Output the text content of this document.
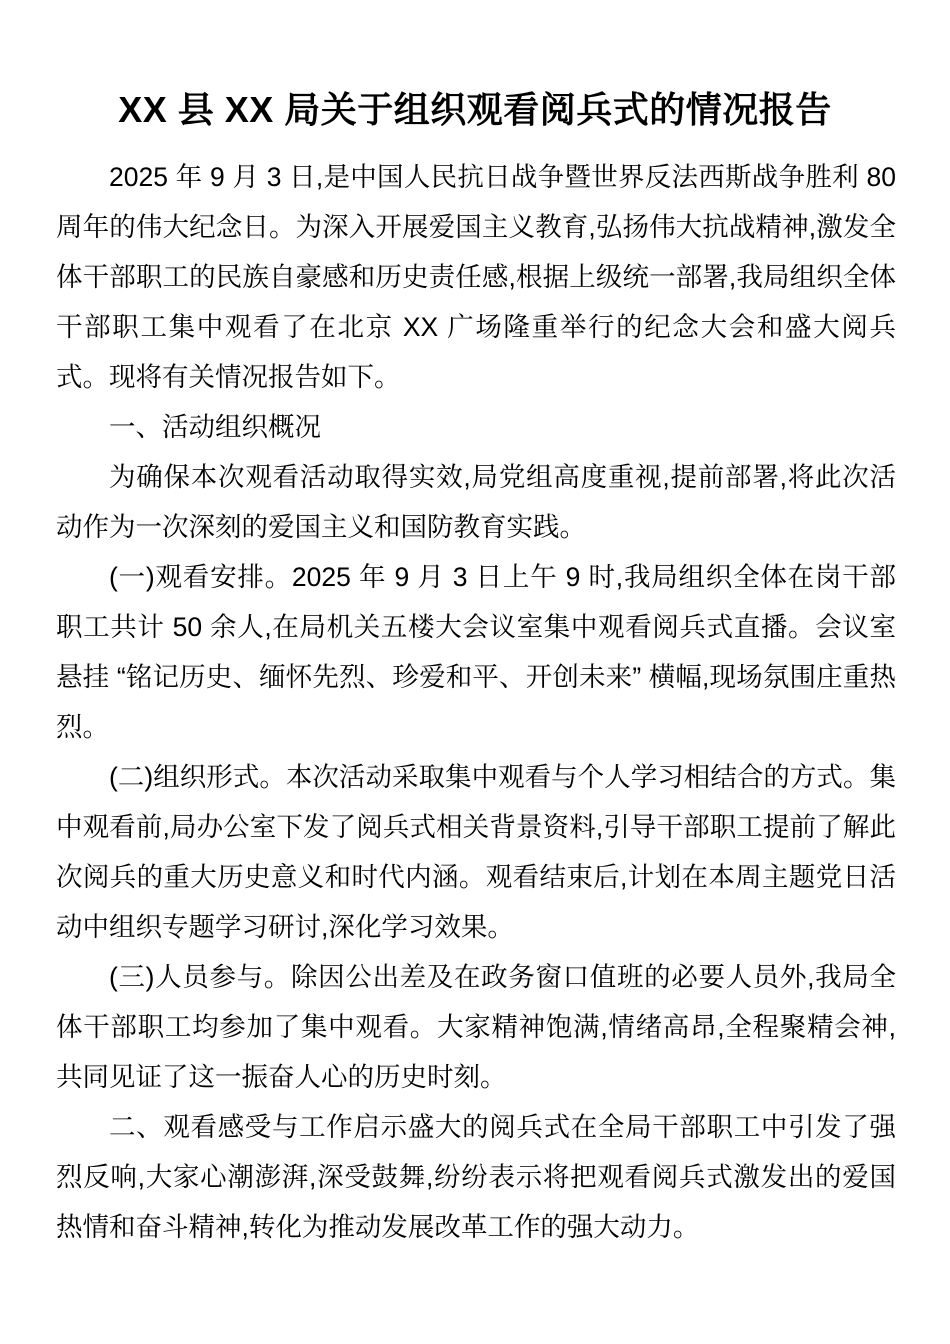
XX 县 XX 局关于组织观看阅兵式的情况报告

2025 年 9 月 3 日,是中国人民抗日战争暨世界反法西斯战争胜利 80 周年的伟大纪念日。为深入开展爱国主义教育,弘扬伟大抗战精神,激发全体干部职工的民族自豪感和历史责任感,根据上级统一部署,我局组织全体干部职工集中观看了在北京 XX 广场隆重举行的纪念大会和盛大阅兵式。现将有关情况报告如下。

一、活动组织概况

为确保本次观看活动取得实效,局党组高度重视,提前部署,将此次活动作为一次深刻的爱国主义和国防教育实践。

(一)观看安排。2025 年 9 月 3 日上午 9 时,我局组织全体在岗干部职工共计 50 余人,在局机关五楼大会议室集中观看阅兵式直播。会议室悬挂 “铭记历史、缅怀先烈、珍爱和平、开创未来” 横幅,现场氛围庄重热烈。

(二)组织形式。本次活动采取集中观看与个人学习相结合的方式。集中观看前,局办公室下发了阅兵式相关背景资料,引导干部职工提前了解此次阅兵的重大历史意义和时代内涵。观看结束后,计划在本周主题党日活动中组织专题学习研讨,深化学习效果。

(三)人员参与。除因公出差及在政务窗口值班的必要人员外,我局全体干部职工均参加了集中观看。大家精神饱满,情绪高昂,全程聚精会神,共同见证了这一振奋人心的历史时刻。

二、观看感受与工作启示盛大的阅兵式在全局干部职工中引发了强烈反响,大家心潮澎湃,深受鼓舞,纷纷表示将把观看阅兵式激发出的爱国热情和奋斗精神,转化为推动发展改革工作的强大动力。
